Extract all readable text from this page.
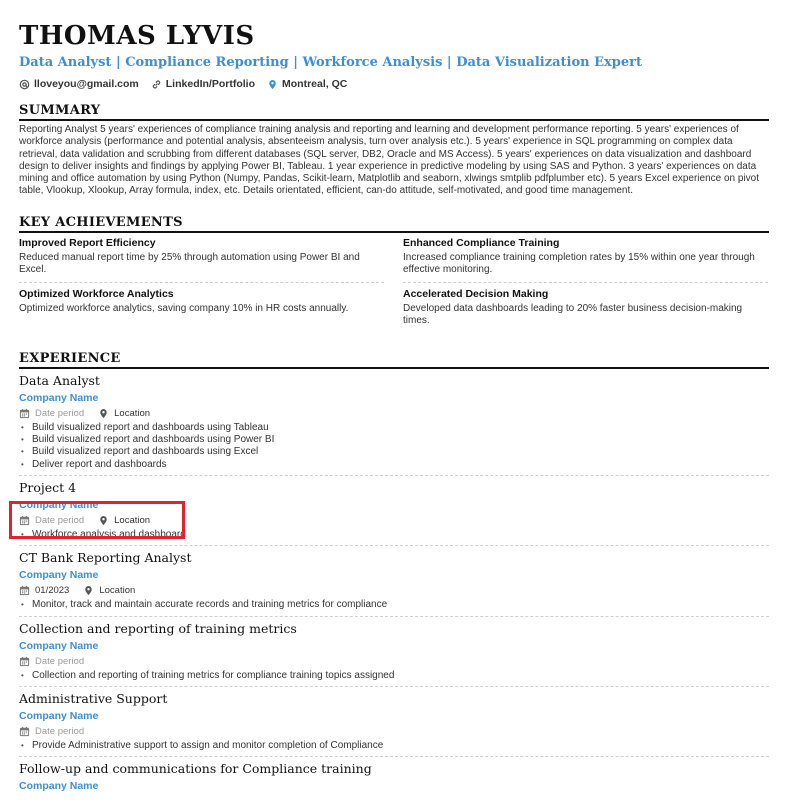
THOMAS LYVIS
Data Analyst | Compliance Reporting | Workforce Analysis | Data Visualization Expert
lloveyou@gmail.com	LinkedIn/Portfolio	Montreal, QC
SUMMARY
Reporting Analyst 5 years' experiences of compliance training analysis and reporting and learning and development performance reporting. 5 years' experiences of workforce analysis (performance and potential analysis, absenteeism analysis, turn over analysis etc.). 5 years' experience in SQL programming on complex data retrieval, data validation and scrubbing from different databases (SQL server, DB2, Oracle and MS Access). 5 years' experiences on data visualization and dashboard design to deliver insights and findings by applying Power BI, Tableau. 1 year experience in predictive modeling by using SAS and Python. 3 years' experiences on data mining and office automation by using Python (Numpy, Pandas, Scikit-learn, Matplotlib and seaborn, xlwings smtplib pdfplumber etc). 5 years Excel experience on pivot table, Vlookup, Xlookup, Array formula, index, etc. Details orientated, efficient, can-do attitude, self-motivated, and good time management.
KEY ACHIEVEMENTS
Improved Report Efficiency
Reduced manual report time by 25% through automation using Power BI and Excel.
Enhanced Compliance Training
Increased compliance training completion rates by 15% within one year through effective monitoring.
Optimized Workforce Analytics
Optimized workforce analytics, saving company 10% in HR costs annually.
Accelerated Decision Making
Developed data dashboards leading to 20% faster business decision-making times.
EXPERIENCE
Data Analyst
Company Name
Date period	Location
• Build visualized report and dashboards using Tableau
• Build visualized report and dashboards using Power BI
• Build visualized report and dashboards using Excel
• Deliver report and dashboards
Project 4
Company Name
Date period	Location
• Workforce analysis and dashboard
CT Bank Reporting Analyst
Company Name
01/2023	Location
• Monitor, track and maintain accurate records and training metrics for compliance
Collection and reporting of training metrics
Company Name
Date period
• Collection and reporting of training metrics for compliance training topics assigned
Administrative Support
Company Name
Date period
• Provide Administrative support to assign and monitor completion of Compliance
Follow-up and communications for Compliance training
Company Name
